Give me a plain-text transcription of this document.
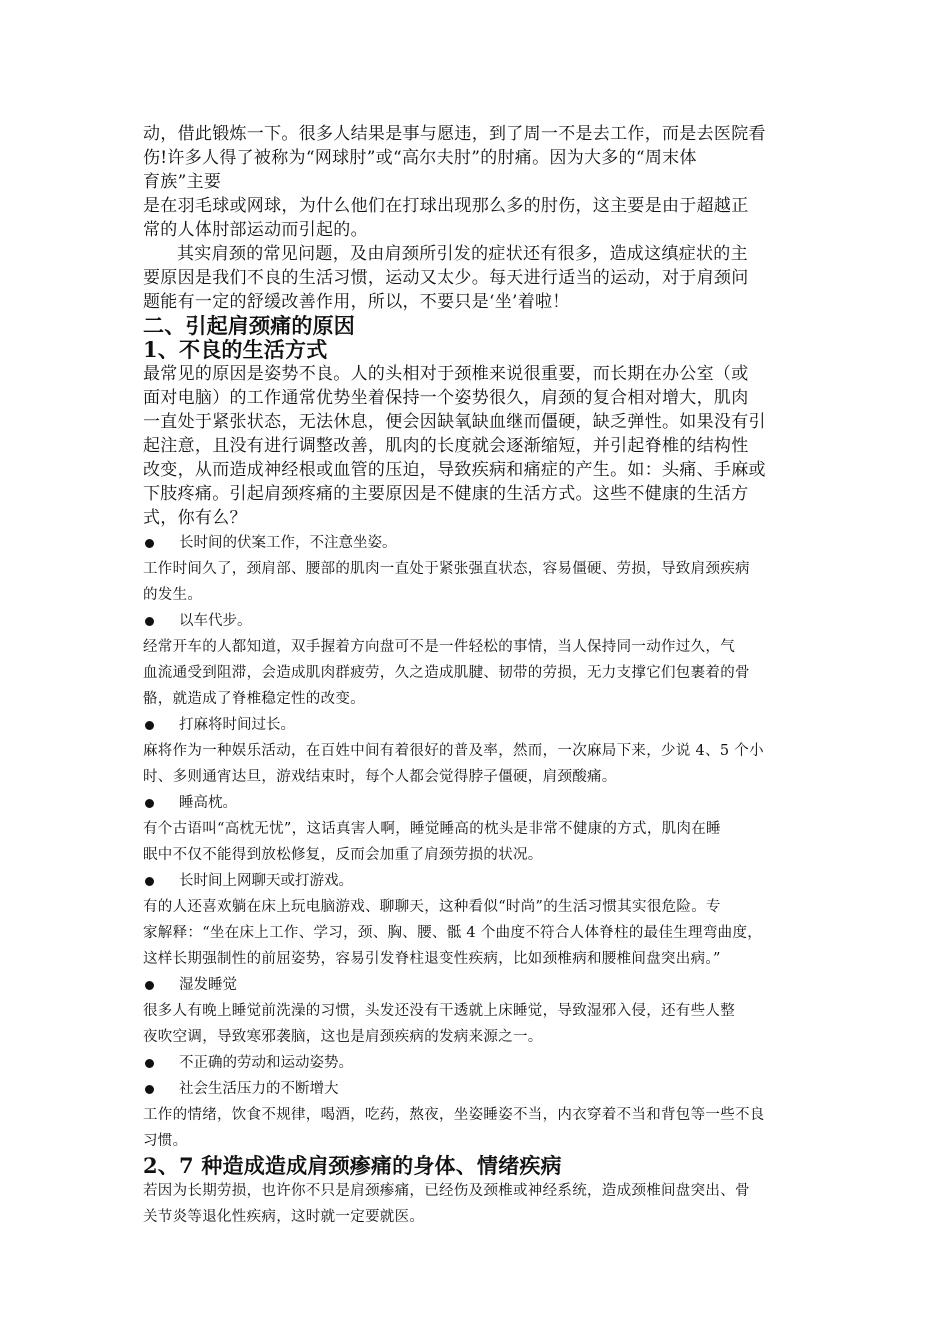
动，借此锻炼一下。很多人结果是事与愿违，到了周一不是去工作，而是去医院看

伤!许多人得了被称为“网球肘”或“高尔夫肘”的肘痛。因为大多的“周末体

育族”主要

是在羽毛球或网球，为什么他们在打球出现那么多的肘伤，这主要是由于超越正

常的人体肘部运动而引起的。

其实肩颈的常见问题，及由肩颈所引发的症状还有很多，造成这缜症状的主

要原因是我们不良的生活习惯，运动又太少。每天进行适当的运动，对于肩颈问

题能有一定的舒缓改善作用，所以，不要只是‘坐’着啦！

二、引起肩颈痛的原因
1、不良的生活方式

最常见的原因是姿势不良。人的头相对于颈椎来说很重要，而长期在办公室（或

面对电脑）的工作通常优势坐着保持一个姿势很久，肩颈的复合相对增大，肌肉

一直处于紧张状态，无法休息，便会因缺氧缺血继而僵硬，缺乏弹性。如果没有引

起注意，且没有进行调整改善，肌肉的长度就会逐渐缩短，并引起脊椎的结构性

改变，从而造成神经根或血管的压迫，导致疾病和痛症的产生。如：头痛、手麻或

下肢疼痛。引起肩颈疼痛的主要原因是不健康的生活方式。这些不健康的生活方

式，你有么？

长时间的伏案工作，不注意坐姿。

工作时间久了，颈肩部、腰部的肌肉一直处于紧张强直状态，容易僵硬、劳损，导致肩颈疾病

的发生。

以车代步。

经常开车的人都知道，双手握着方向盘可不是一件轻松的事情，当人保持同一动作过久，气

血流通受到阻滞，会造成肌肉群疲劳，久之造成肌腱、韧带的劳损，无力支撑它们包裹着的骨

骼，就造成了脊椎稳定性的改变。

打麻将时间过长。

麻将作为一种娱乐活动，在百姓中间有着很好的普及率，然而，一次麻局下来，少说 4、5 个小

时、多则通宵达旦，游戏结束时，每个人都会觉得脖子僵硬，肩颈酸痛。

睡高枕。

有个古语叫“高枕无忧”，这话真害人啊，睡觉睡高的枕头是非常不健康的方式，肌肉在睡

眠中不仅不能得到放松修复，反而会加重了肩颈劳损的状况。

长时间上网聊天或打游戏。

有的人还喜欢躺在床上玩电脑游戏、聊聊天，这种看似“时尚”的生活习惯其实很危险。专

家解释：“坐在床上工作、学习，颈、胸、腰、骶 4 个曲度不符合人体脊柱的最佳生理弯曲度，

这样长期强制性的前屈姿势，容易引发脊柱退变性疾病，比如颈椎病和腰椎间盘突出病。”

湿发睡觉

很多人有晚上睡觉前洗澡的习惯，头发还没有干透就上床睡觉，导致湿邪入侵，还有些人整

夜吹空调，导致寒邪袭脑，这也是肩颈疾病的发病来源之一。

不正确的劳动和运动姿势。
社会生活压力的不断增大

工作的情绪，饮食不规律，喝酒，吃药，熬夜，坐姿睡姿不当，内衣穿着不当和背包等一些不良

习惯。

2、7 种造成造成肩颈瘆痛的身体、情绪疾病

若因为长期劳损，也许你不只是肩颈瘆痛，已经伤及颈椎或神经系统，造成颈椎间盘突出、骨

关节炎等退化性疾病，这时就一定要就医。
